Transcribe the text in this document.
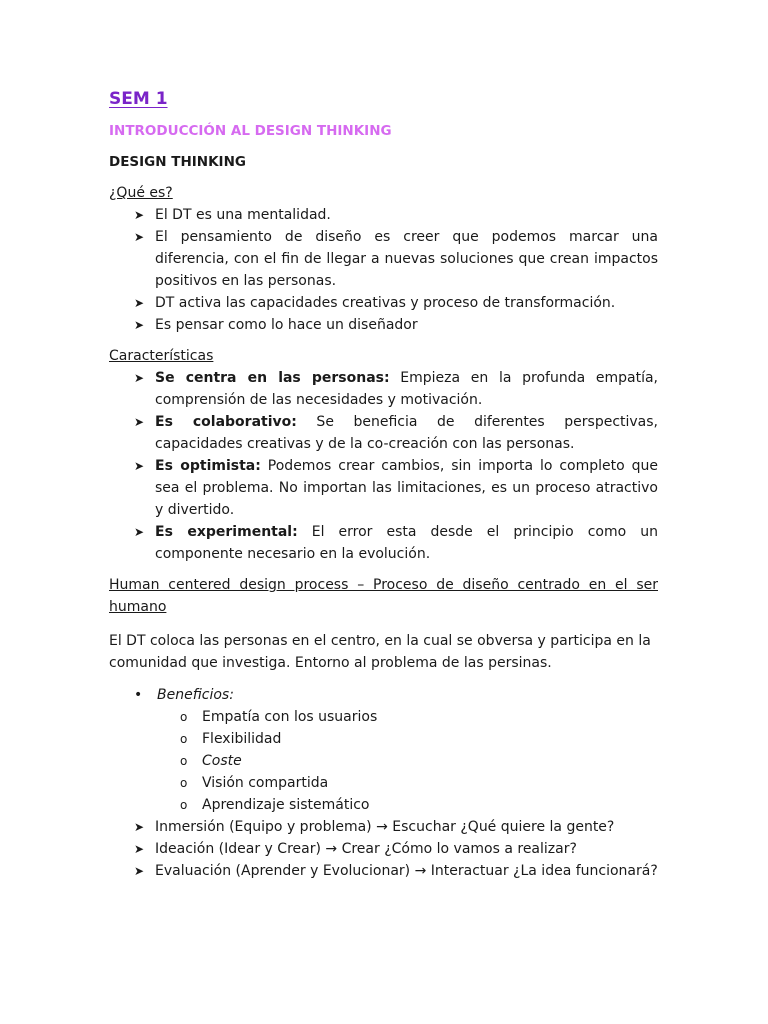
SEM 1
INTRODUCCIÓN AL DESIGN THINKING
DESIGN THINKING
¿Qué es?
➤ El DT es una mentalidad.
➤ El pensamiento de diseño es creer que podemos marcar una diferencia, con el fin de llegar a nuevas soluciones que crean impactos positivos en las personas.
➤ DT activa las capacidades creativas y proceso de transformación.
➤ Es pensar como lo hace un diseñador
Características
➤ Se centra en las personas: Empieza en la profunda empatía, comprensión de las necesidades y motivación.
➤ Es colaborativo: Se beneficia de diferentes perspectivas, capacidades creativas y de la co-creación con las personas.
➤ Es optimista: Podemos crear cambios, sin importa lo completo que sea el problema. No importan las limitaciones, es un proceso atractivo y divertido.
➤ Es experimental: El error esta desde el principio como un componente necesario en la evolución.
Human centered design process – Proceso de diseño centrado en el ser humano
El DT coloca las personas en el centro, en la cual se obversa y participa en la comunidad que investiga. Entorno al problema de las persinas.
• Beneficios:
o Empatía con los usuarios
o Flexibilidad
o Coste
o Visión compartida
o Aprendizaje sistemático
➤ Inmersión (Equipo y problema) → Escuchar ¿Qué quiere la gente?
➤ Ideación (Idear y Crear) → Crear ¿Cómo lo vamos a realizar?
➤ Evaluación (Aprender y Evolucionar) → Interactuar ¿La idea funcionará?
